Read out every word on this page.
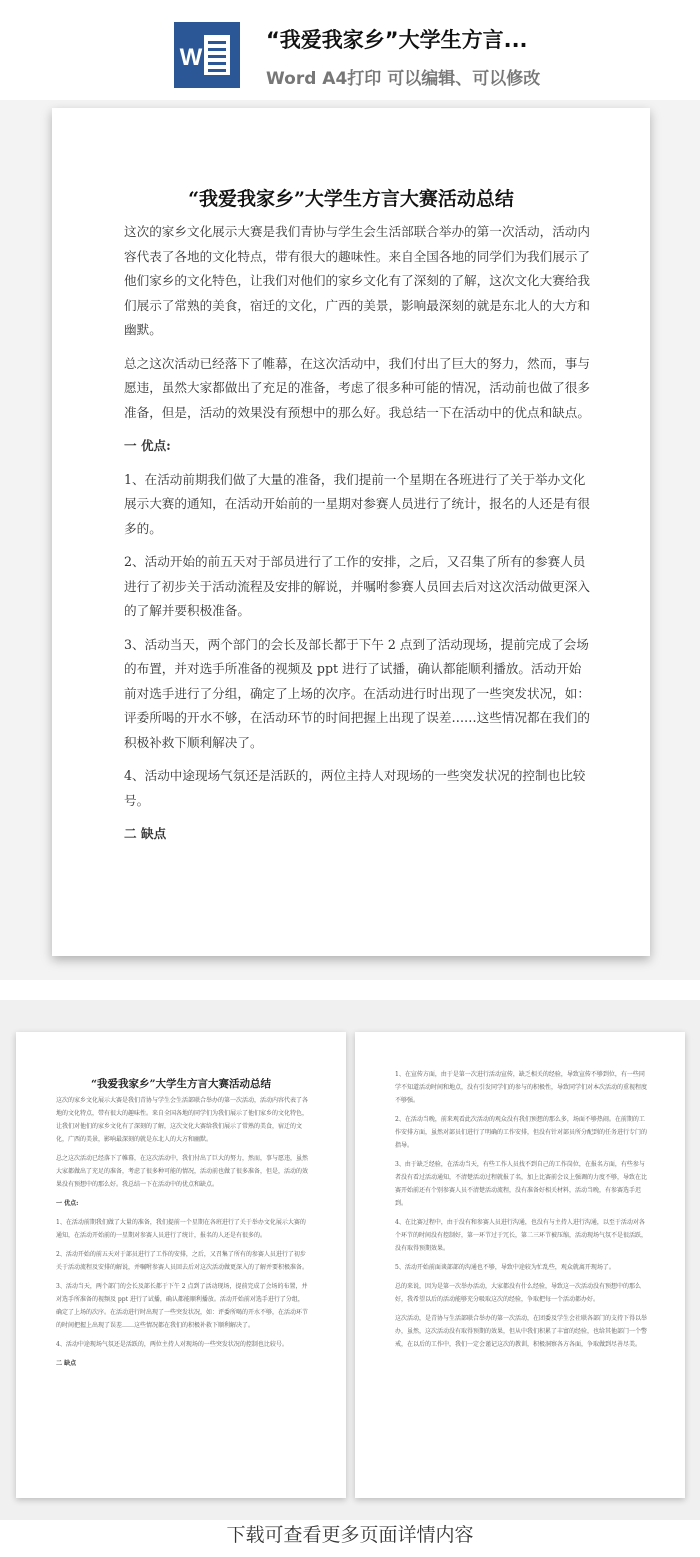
W
“我爱我家乡”大学生方言...
Word A4打印 可以编辑、可以修改
“我爱我家乡”大学生方言大赛活动总结

这次的家乡文化展示大赛是我们青协与学生会生活部联合举办的第一次活动，活动内容代表了各地的文化特点，带有很大的趣味性。来自全国各地的同学们为我们展示了他们家乡的文化特色，让我们对他们的家乡文化有了深刻的了解，这次文化大赛给我们展示了常熟的美食，宿迁的文化，广西的美景，影响最深刻的就是东北人的大方和幽默。

总之这次活动已经落下了帷幕，在这次活动中，我们付出了巨大的努力，然而，事与愿违，虽然大家都做出了充足的准备，考虑了很多种可能的情况，活动前也做了很多准备，但是，活动的效果没有预想中的那么好。我总结一下在活动中的优点和缺点。

一 优点:

1、在活动前期我们做了大量的准备，我们提前一个星期在各班进行了关于举办文化展示大赛的通知，在活动开始前的一星期对参赛人员进行了统计，报名的人还是有很多的。

2、活动开始的前五天对于部员进行了工作的安排，之后，又召集了所有的参赛人员进行了初步关于活动流程及安排的解说，并嘱咐参赛人员回去后对这次活动做更深入的了解并要积极准备。

3、活动当天，两个部门的会长及部长都于下午 2 点到了活动现场，提前完成了会场的布置，并对选手所准备的视频及 ppt 进行了试播，确认都能顺利播放。活动开始前对选手进行了分组，确定了上场的次序。在活动进行时出现了一些突发状况，如：评委所喝的开水不够，在活动环节的时间把握上出现了误差……这些情况都在我们的积极补救下顺利解决了。

4、活动中途现场气氛还是活跃的，两位主持人对现场的一些突发状况的控制也比较号。

二 缺点

“我爱我家乡”大学生方言大赛活动总结

这次的家乡文化展示大赛是我们青协与学生会生活部联合举办的第一次活动，活动内容代表了各地的文化特点，带有很大的趣味性。来自全国各地的同学们为我们展示了他们家乡的文化特色，让我们对他们的家乡文化有了深刻的了解，这次文化大赛给我们展示了常熟的美食，宿迁的文化，广西的美景，影响最深刻的就是东北人的大方和幽默。

总之这次活动已经落下了帷幕，在这次活动中，我们付出了巨大的努力，然而，事与愿违，虽然大家都做出了充足的准备，考虑了很多种可能的情况，活动前也做了很多准备，但是，活动的效果没有预想中的那么好。我总结一下在活动中的优点和缺点。

一 优点:

1、在活动前期我们做了大量的准备，我们提前一个星期在各班进行了关于举办文化展示大赛的通知，在活动开始前的一星期对参赛人员进行了统计，报名的人还是有很多的。

2、活动开始的前五天对于部员进行了工作的安排，之后，又召集了所有的参赛人员进行了初步关于活动流程及安排的解说，并嘱咐参赛人员回去后对这次活动做更深入的了解并要积极准备。

3、活动当天，两个部门的会长及部长都于下午 2 点到了活动现场，提前完成了会场的布置，并对选手所准备的视频及 ppt 进行了试播，确认都能顺利播放。活动开始前对选手进行了分组，确定了上场的次序。在活动进行时出现了一些突发状况，如：评委所喝的开水不够，在活动环节的时间把握上出现了误差……这些情况都在我们的积极补救下顺利解决了。

4、活动中途现场气氛还是活跃的，两位主持人对现场的一些突发状况的控制也比较号。

二 缺点

1、在宣传方面，由于是第一次进行活动宣传，缺乏相关的经验，导致宣传不够到位，有一些同学不知道活动时间和地点，没有引发同学们的参与的积极性，导致同学们对本次活动的重视程度不够强。

2、在活动当晚，前来观看此次活动的观众没有我们预想的那么多，场面不够热闹。在前期的工作安排方面，虽然对部员们进行了明确的工作安排，但没有针对部员所分配到的任务进行专门的指导。

3、由于缺乏经验，在活动当天，有些工作人员找不到自己的工作岗位，在报名方面，有些参与者没有看过活动通知，不清楚活动过程就报了名，加上比赛前会议上强调的力度不够，导致在比赛开始前还有个别参赛人员不清楚活动流程，没有准备好相关材料，活动当晚，有参赛选手迟到。

4、在比赛过程中，由于没有和参赛人员进行沟通，也没有与主持人进行沟通，以至于活动对各个环节的时间没有控制好，第一环节过于冗长，第二三环节被压缩，活动现场气氛不是很活跃，没有取得预期效果。

5、活动开始前面谈部部的沟通也不够，导致中途较为忙乱些，观众就离开现场了。

总的来说，因为是第一次举办活动，大家都没有什么经验，导致这一次活动没有预想中的那么好，我希望以后的活动能够充分吸取这次的经验，争取把每一个活动都办好。

这次活动，是青协与生活部联合举办的第一次活动，在团委及学生会社联各部门的支持下得以举办，虽然，这次活动没有取得预期的效果，但从中我们积累了丰富的经验，也给其他部门一个警戒，在以后的工作中，我们一定会谨记这次的教训，积极洞察各方各面，争取做到尽善尽美。

下载可查看更多页面详情内容
